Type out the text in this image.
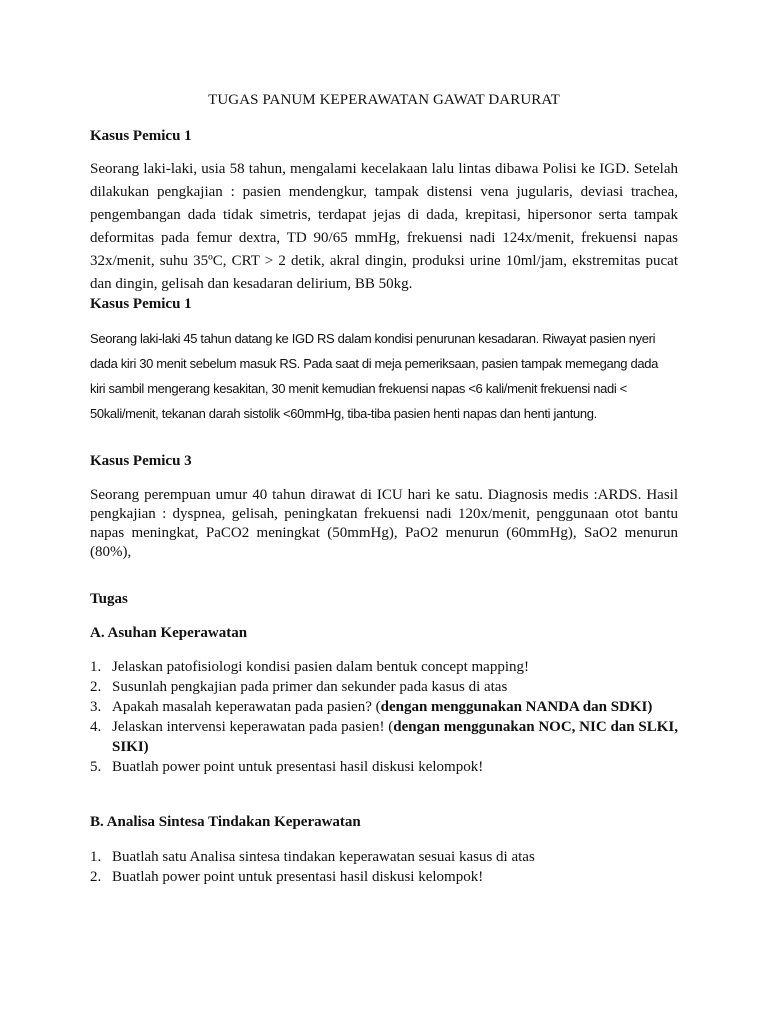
TUGAS PANUM KEPERAWATAN GAWAT DARURAT
Kasus Pemicu 1
Seorang laki-laki, usia 58 tahun, mengalami kecelakaan lalu lintas dibawa Polisi ke IGD. Setelah dilakukan pengkajian : pasien mendengkur, tampak distensi vena jugularis, deviasi trachea, pengembangan dada tidak simetris, terdapat jejas di dada, krepitasi, hipersonor serta tampak deformitas pada femur dextra, TD 90/65 mmHg, frekuensi nadi 124x/menit, frekuensi napas 32x/menit, suhu 35ºC, CRT > 2 detik, akral dingin, produksi urine 10ml/jam, ekstremitas pucat dan dingin, gelisah dan kesadaran delirium, BB 50kg.
Kasus Pemicu 1
Seorang laki-laki 45 tahun datang ke IGD RS dalam kondisi penurunan kesadaran. Riwayat pasien nyeri
dada kiri 30 menit sebelum masuk RS. Pada saat di meja pemeriksaan, pasien tampak memegang dada
kiri sambil mengerang kesakitan, 30 menit kemudian frekuensi napas <6 kali/menit frekuensi nadi <
50kali/menit, tekanan darah sistolik <60mmHg, tiba-tiba pasien henti napas dan henti jantung.
Kasus Pemicu 3
Seorang perempuan umur 40 tahun dirawat di ICU hari ke satu. Diagnosis medis :ARDS. Hasil pengkajian : dyspnea, gelisah, peningkatan frekuensi nadi 120x/menit, penggunaan otot bantu napas meningkat, PaCO2 meningkat (50mmHg), PaO2 menurun (60mmHg), SaO2 menurun (80%),
Tugas
A. Asuhan Keperawatan
1. Jelaskan patofisiologi kondisi pasien dalam bentuk concept mapping!
2. Susunlah pengkajian pada primer dan sekunder pada kasus di atas
3. Apakah masalah keperawatan pada pasien? (dengan menggunakan NANDA dan SDKI)
4. Jelaskan intervensi keperawatan pada pasien! (dengan menggunakan NOC, NIC dan SLKI, SIKI)
5. Buatlah power point untuk presentasi hasil diskusi kelompok!
B. Analisa Sintesa Tindakan Keperawatan
1. Buatlah satu Analisa sintesa tindakan keperawatan sesuai kasus di atas
2. Buatlah power point untuk presentasi hasil diskusi kelompok!
